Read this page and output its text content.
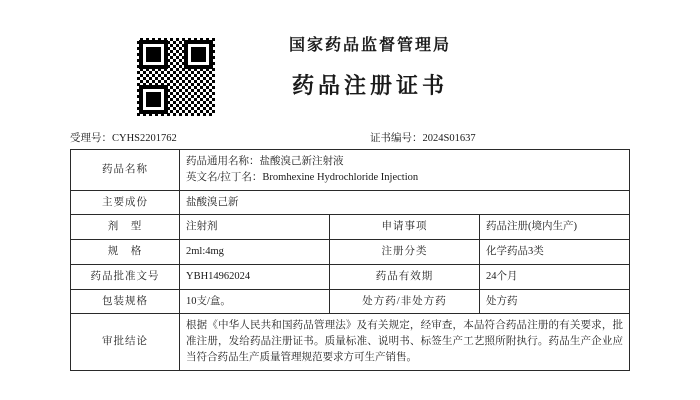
国家药品监督管理局
药品注册证书
受理号：CYHS2201762	证书编号：2024S01637
药品名称	药品通用名称：盐酸溴己新注射液
英文名/拉丁名：Bromhexine Hydrochloride Injection		

主要成份	盐酸溴己新		
剂　型	注射剂	申请事项	药品注册(境内生产)
规　格	2ml:4mg	注册分类	化学药品3类
药品批准文号	YBH14962024	药品有效期	24个月
包装规格	10支/盒。	处方药/非处方药	处方药
审批结论	根据《中华人民共和国药品管理法》及有关规定，经审查，本品符合药品注册的有关要求，批准注册，发给药品注册证书。质量标准、说明书、标签生产工艺照所附执行。药品生产企业应当符合药品生产质量管理规范要求方可生产销售。		
